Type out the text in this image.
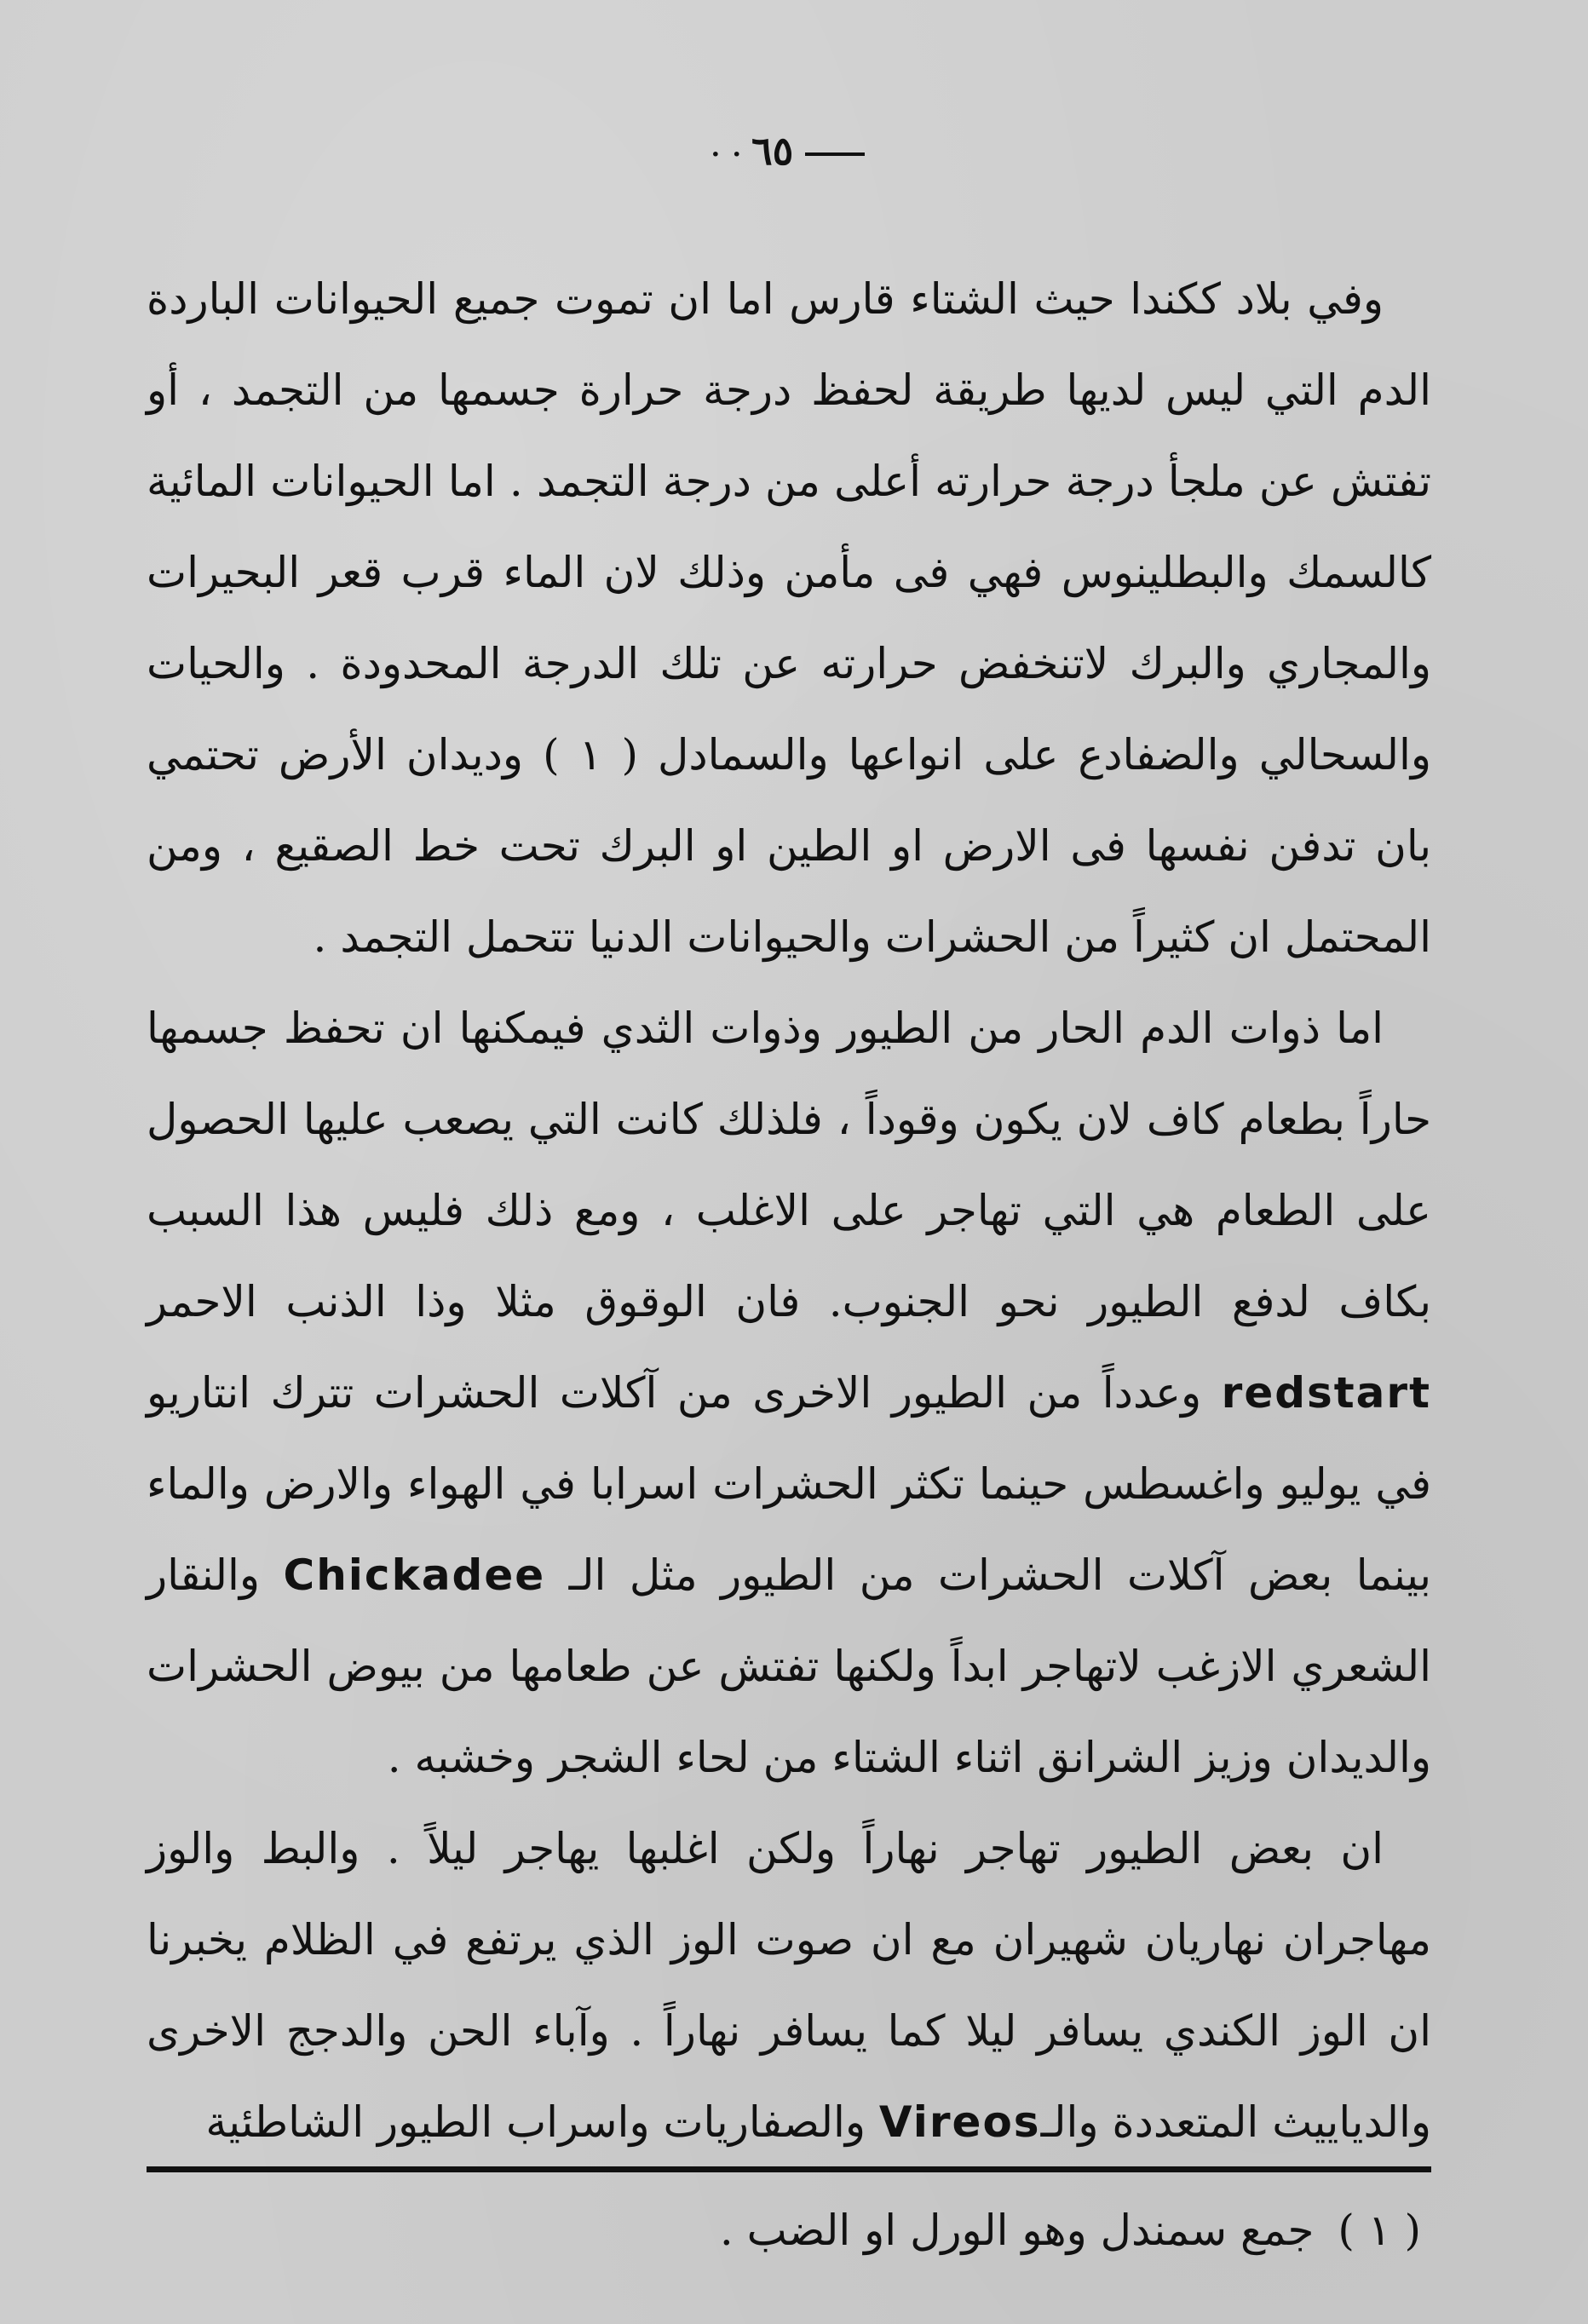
· · ٦٥

وفي بلاد ككندا حيث الشتاء قارس اما ان تموت جميع الحيوانات الباردة الدم التي ليس لديها طريقة لحفظ درجة حرارة جسمها من التجمد ، أو تفتش عن ملجأ درجة حرارته أعلى من درجة التجمد . اما الحيوانات المائية كالسمك والبطلينوس فهي فى مأمن وذلك لان الماء قرب قعر البحيرات والمجاري والبرك لاتنخفض حرارته عن تلك الدرجة المحدودة . والحيات والسحالي والضفادع على انواعها والسمادل ( ١ ) وديدان الأرض تحتمي بان تدفن نفسها فى الارض او الطين او البرك تحت خط الصقيع ، ومن المحتمل ان كثيراً من الحشرات والحيوانات الدنيا تتحمل التجمد .

اما ذوات الدم الحار من الطيور وذوات الثدي فيمكنها ان تحفظ جسمها حاراً بطعام كاف لان يكون وقوداً ، فلذلك كانت التي يصعب عليها الحصول على الطعام هي التي تهاجر على الاغلب ، ومع ذلك فليس هذا السبب بكاف لدفع الطيور نحو الجنوب. فان الوقوق مثلا وذا الذنب الاحمر redstart وعدداً من الطيور الاخرى من آكلات الحشرات تترك انتاريو في يوليو واغسطس حينما تكثر الحشرات اسرابا في الهواء والارض والماء بينما بعض آكلات الحشرات من الطيور مثل الـ Chickadee والنقار الشعري الازغب لاتهاجر ابداً ولكنها تفتش عن طعامها من بيوض الحشرات والديدان وزيز الشرانق اثناء الشتاء من لحاء الشجر وخشبه .

ان بعض الطيور تهاجر نهاراً ولكن اغلبها يهاجر ليلاً . والبط والوز مهاجران نهاريان شهيران مع ان صوت الوز الذي يرتفع في الظلام يخبرنا ان الوز الكندي يسافر ليلا كما يسافر نهاراً . وآباء الحن والدجج الاخرى والدياييث المتعددة والـVireos والصفاريات واسراب الطيور الشاطئية

( ١ ) جمع سمندل وهو الورل او الضب .
